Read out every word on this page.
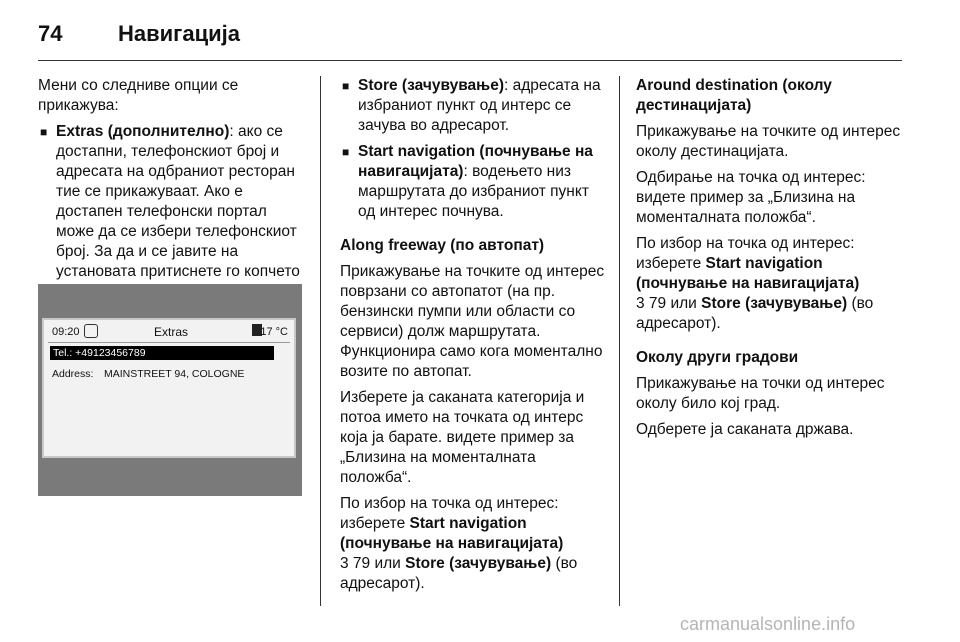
74	Навигација

Мени со следниве опции се прикажува:

■ Extras (дополнително): ако се достапни, телефонскиот број и адресата на одбраниот ресторан тие се прикажуваат. Ако е достапен телефонски портал може да се избери телефонскиот број. За да и се јавите на установата притиснете го копчето
09:20	Extras	17 °C
Tel.: +49123456789
Address: MAINSTREET 94, COLOGNE
■ Store (зачувување): адресата на избраниот пункт од интерс се зачува во адресарот.
■ Start navigation (почнување на навигацијата): водењето низ маршрутата до избраниот пункт од интерес почнува.

Along freeway (по автопат)

Прикажување на точките од интерес поврзани со автопатот (на пр. бензински пумпи или области со сервиси) долж маршрутата. Функционира само кога моментално возите по автопат.

Изберете ја саканата категорија и потоа името на точката од интерс која ја барате. видете пример за „Близина на моменталната положба“.

По избор на точка од интерес: изберете Start navigation (почнување на навигацијата)
3 79 или Store (зачувување) (во адресарот).

Around destination (околу дестинацијата)

Прикажување на точките од интерес околу дестинацијата.

Одбирање на точка од интерес: видете пример за „Близина на моменталната положба“.

По избор на точка од интерес: изберете Start navigation (почнување на навигацијата)
3 79 или Store (зачувување) (во адресарот).

Околу други градови

Прикажување на точки од интерес околу било кој град.

Одберете ја саканата држава.

carmanualsonline.info
